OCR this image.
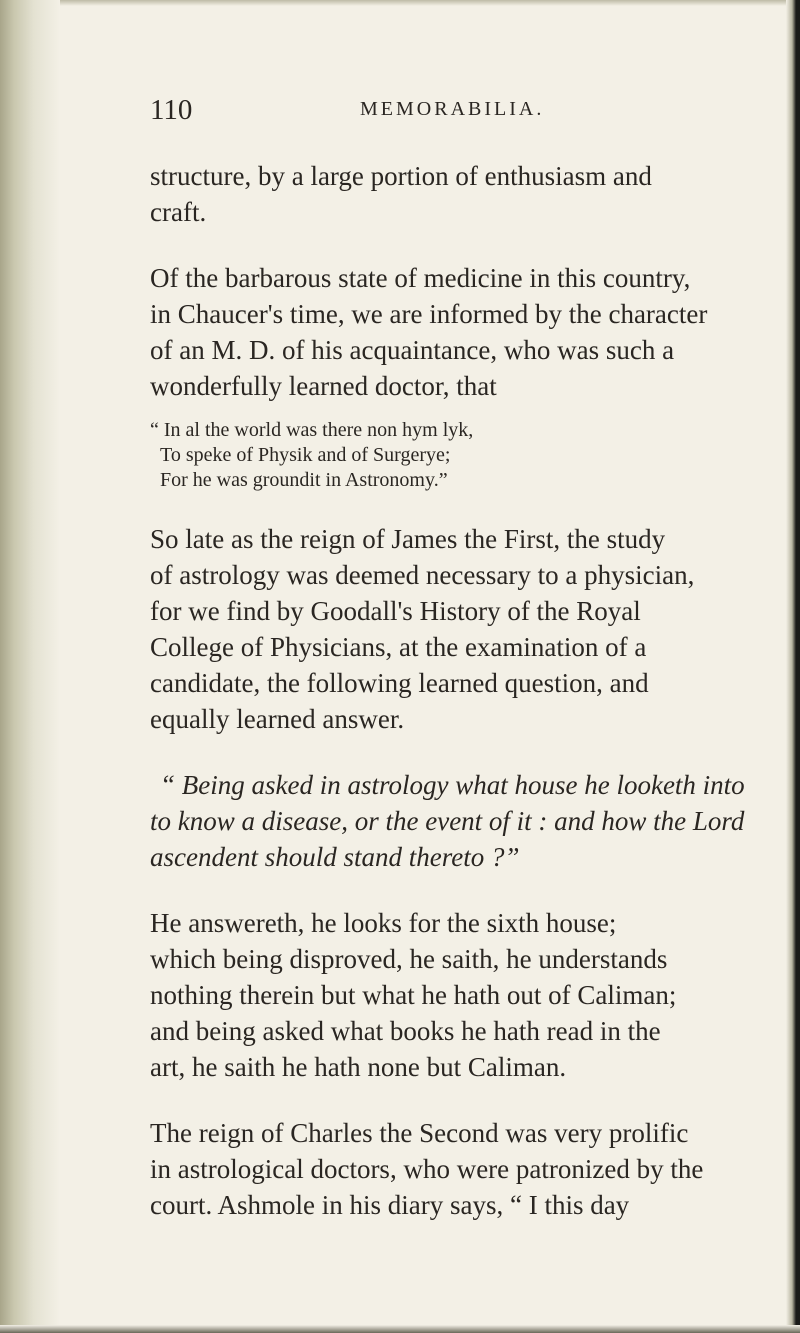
110	MEMORABILIA.

structure, by a large portion of enthusiasm and
craft.

Of the barbarous state of medicine in this country,
in Chaucer's time, we are informed by the character
of an M. D. of his acquaintance, who was such a
wonderfully learned doctor, that

“ In al the world was there non hym lyk,
To speke of Physik and of Surgerye;
For he was groundit in Astronomy.”

So late as the reign of James the First, the study
of astrology was deemed necessary to a physician,
for we find by Goodall's History of the Royal
College of Physicians, at the examination of a
candidate, the following learned question, and
equally learned answer.

“ Being asked in astrology what house he looketh into
to know a disease, or the event of it : and how the Lord
ascendent should stand thereto ?”

He answereth, he looks for the sixth house;
which being disproved, he saith, he understands
nothing therein but what he hath out of Caliman;
and being asked what books he hath read in the
art, he saith he hath none but Caliman.

The reign of Charles the Second was very prolific
in astrological doctors, who were patronized by the
court. Ashmole in his diary says, “ I this day
